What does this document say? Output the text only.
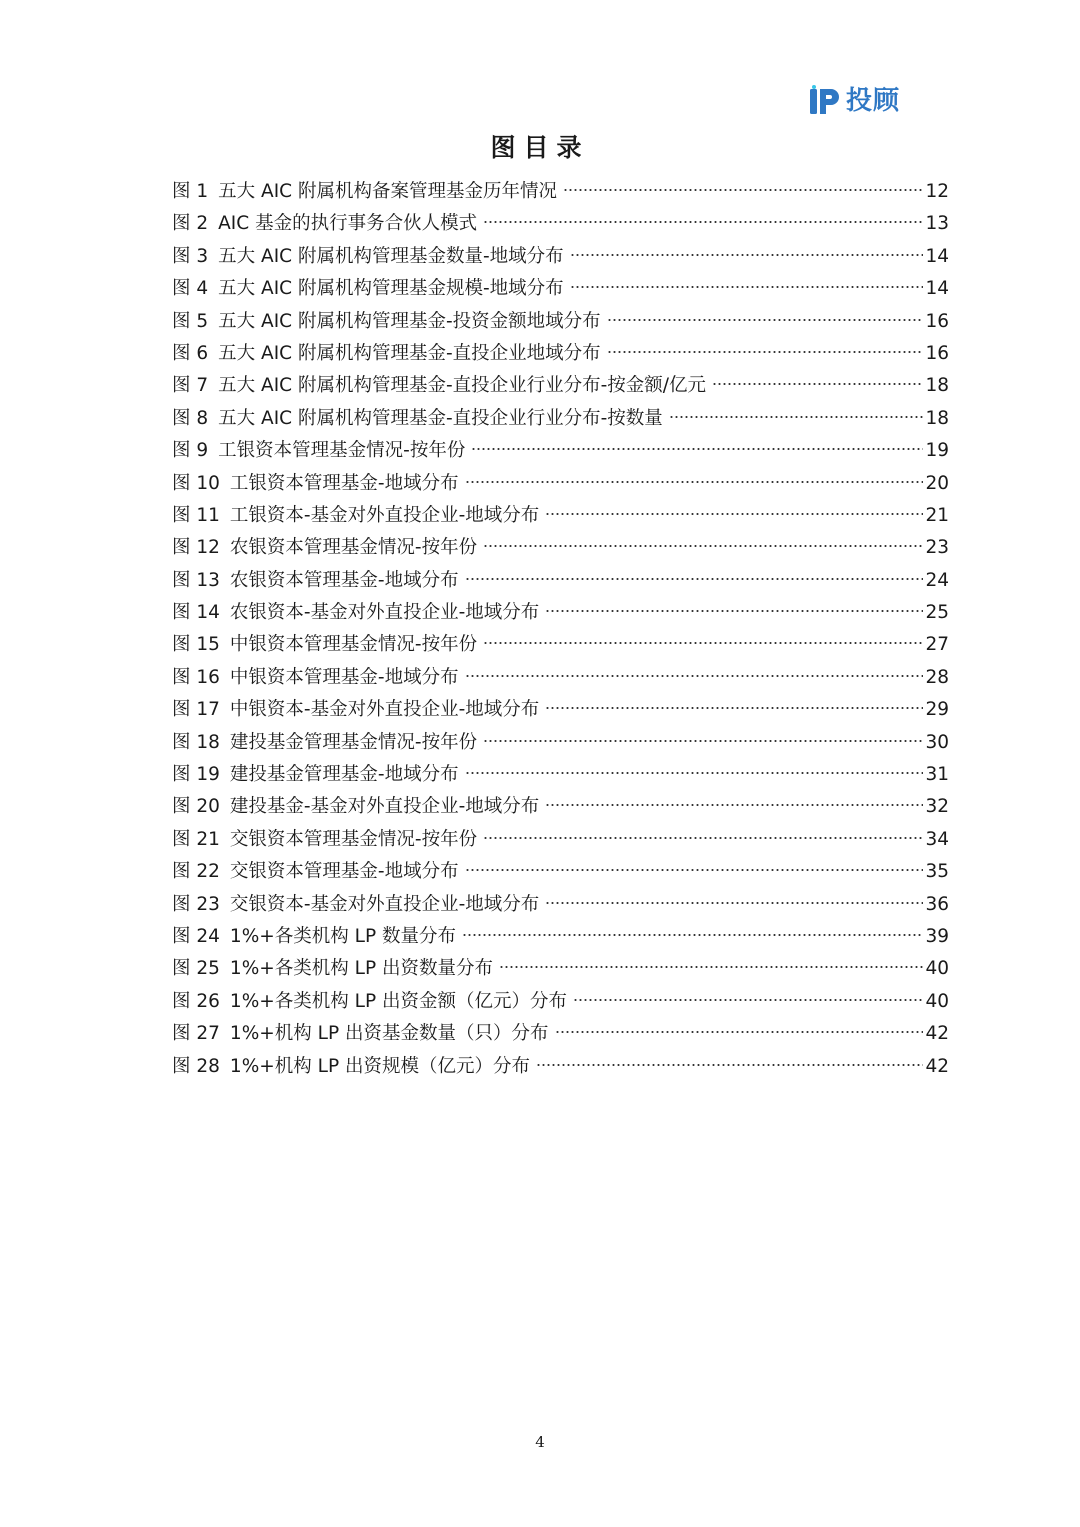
投顾
图目录
图 1 五大 AIC 附属机构备案管理基金历年情况	12
图 2 AIC 基金的执行事务合伙人模式	13
图 3 五大 AIC 附属机构管理基金数量-地域分布	14
图 4 五大 AIC 附属机构管理基金规模-地域分布	14
图 5 五大 AIC 附属机构管理基金-投资金额地域分布	16
图 6 五大 AIC 附属机构管理基金-直投企业地域分布	16
图 7 五大 AIC 附属机构管理基金-直投企业行业分布-按金额/亿元	18
图 8 五大 AIC 附属机构管理基金-直投企业行业分布-按数量	18
图 9 工银资本管理基金情况-按年份	19
图 10 工银资本管理基金-地域分布	20
图 11 工银资本-基金对外直投企业-地域分布	21
图 12 农银资本管理基金情况-按年份	23
图 13 农银资本管理基金-地域分布	24
图 14 农银资本-基金对外直投企业-地域分布	25
图 15 中银资本管理基金情况-按年份	27
图 16 中银资本管理基金-地域分布	28
图 17 中银资本-基金对外直投企业-地域分布	29
图 18 建投基金管理基金情况-按年份	30
图 19 建投基金管理基金-地域分布	31
图 20 建投基金-基金对外直投企业-地域分布	32
图 21 交银资本管理基金情况-按年份	34
图 22 交银资本管理基金-地域分布	35
图 23 交银资本-基金对外直投企业-地域分布	36
图 24 1%+各类机构 LP 数量分布	39
图 25 1%+各类机构 LP 出资数量分布	40
图 26 1%+各类机构 LP 出资金额（亿元）分布	40
图 27 1%+机构 LP 出资基金数量（只）分布	42
图 28 1%+机构 LP 出资规模（亿元）分布	42
4
